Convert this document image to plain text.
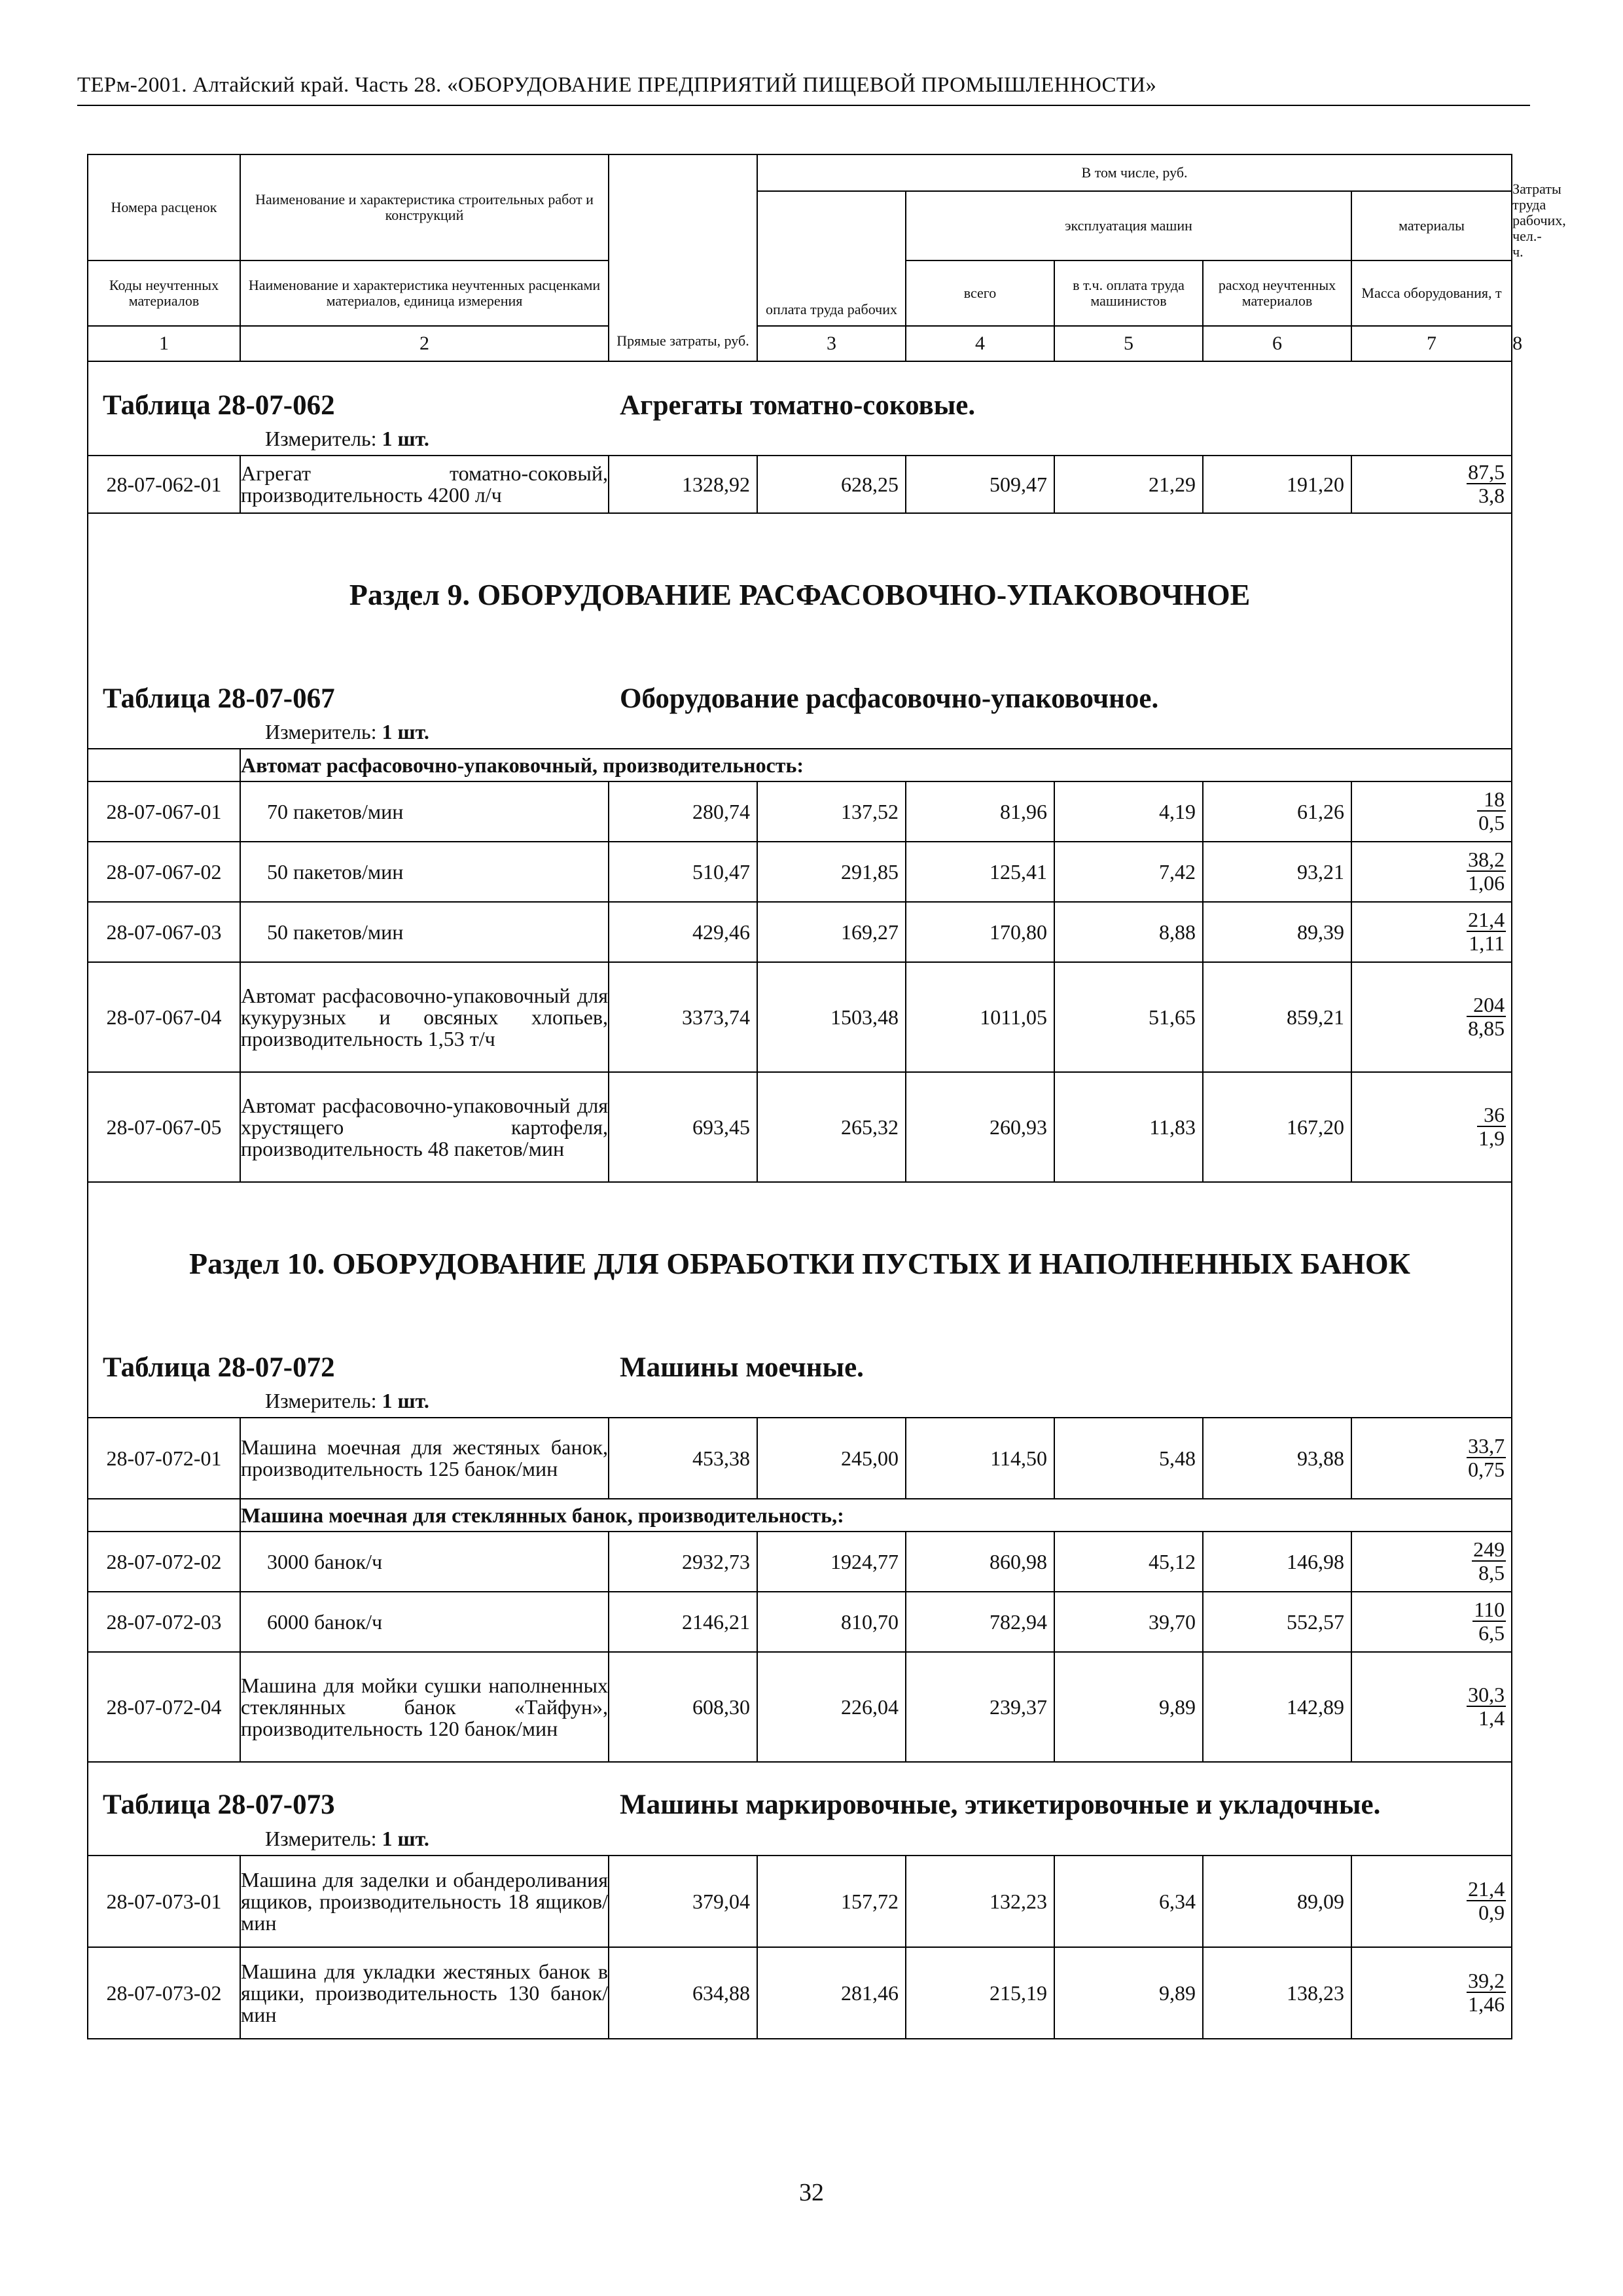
ТЕРм-2001. Алтайский край. Часть 28. «ОБОРУДОВАНИЕ ПРЕДПРИЯТИЙ ПИЩЕВОЙ ПРОМЫШЛЕННОСТИ»
Номера расценок	Наименование и характеристика строительных работ и конструкций	Прямые затраты, руб.	В том числе, руб.					Затраты труда рабочих, чел.-ч.
			оплата труда рабочих	эксплуатация машин			материалы	
Коды неучтенных материалов	Наименование и характеристика неучтенных расценками материалов, единица измерения			всего	в т.ч. оплата труда машинистов	расход неучтенных материалов	Масса оборудования, т	
1	2		3	4	5	6	7	8

Таблица 28-07-062 Агрегаты томатно-соковые.
Измеритель: 1 шт.								

28-07-062-01	Агрегат томатно-соковый, производительность 4200 л/ч	1328,92	628,25	509,47	21,29	191,20	$\frac{87,5}{3,8}$

Раздел 9. ОБОРУДОВАНИЕ РАСФАСОВОЧНО-УПАКОВОЧНОЕ								

Таблица 28-07-067 Оборудование расфасовочно-упаковочное.
Измеритель: 1 шт.								

	Автомат расфасовочно-упаковочный, производительность:							
28-07-067-01	70 пакетов/мин	280,74	137,52	81,96	4,19	61,26	$\frac{18}{0,5}$

28-07-067-02	50 пакетов/мин	510,47	291,85	125,41	7,42	93,21	$\frac{38,2}{1,06}$

28-07-067-03	50 пакетов/мин	429,46	169,27	170,80	8,88	89,39	$\frac{21,4}{1,11}$

28-07-067-04	Автомат расфасовочно-упаковочный для кукурузных и овсяных хлопьев, производительность 1,53 т/ч	3373,74	1503,48	1011,05	51,65	859,21	$\frac{204}{8,85}$

28-07-067-05	Автомат расфасовочно-упаковочный для хрустящего картофеля, производительность 48 пакетов/мин	693,45	265,32	260,93	11,83	167,20	$\frac{36}{1,9}$

Раздел 10. ОБОРУДОВАНИЕ ДЛЯ ОБРАБОТКИ ПУСТЫХ И НАПОЛНЕННЫХ БАНОК								

Таблица 28-07-072 Машины моечные.
Измеритель: 1 шт.								

28-07-072-01	Машина моечная для жестяных банок, производительность 125 банок/мин	453,38	245,00	114,50	5,48	93,88	$\frac{33,7}{0,75}$

	Машина моечная для стеклянных банок, производительность,:							
28-07-072-02	3000 банок/ч	2932,73	1924,77	860,98	45,12	146,98	$\frac{249}{8,5}$

28-07-072-03	6000 банок/ч	2146,21	810,70	782,94	39,70	552,57	$\frac{110}{6,5}$

28-07-072-04	Машина для мойки сушки наполненных стеклянных банок «Тайфун», производительность 120 банок/мин	608,30	226,04	239,37	9,89	142,89	$\frac{30,3}{1,4}$

Таблица 28-07-073 Машины маркировочные, этикетировочные и укладочные.
Измеритель: 1 шт.								

28-07-073-01	Машина для заделки и обандероливания ящиков, производительность 18 ящиков/мин	379,04	157,72	132,23	6,34	89,09	$\frac{21,4}{0,9}$

28-07-073-02	Машина для укладки жестяных банок в ящики, производительность 130 банок/мин	634,88	281,46	215,19	9,89	138,23	$\frac{39,2}{1,46}$
32
